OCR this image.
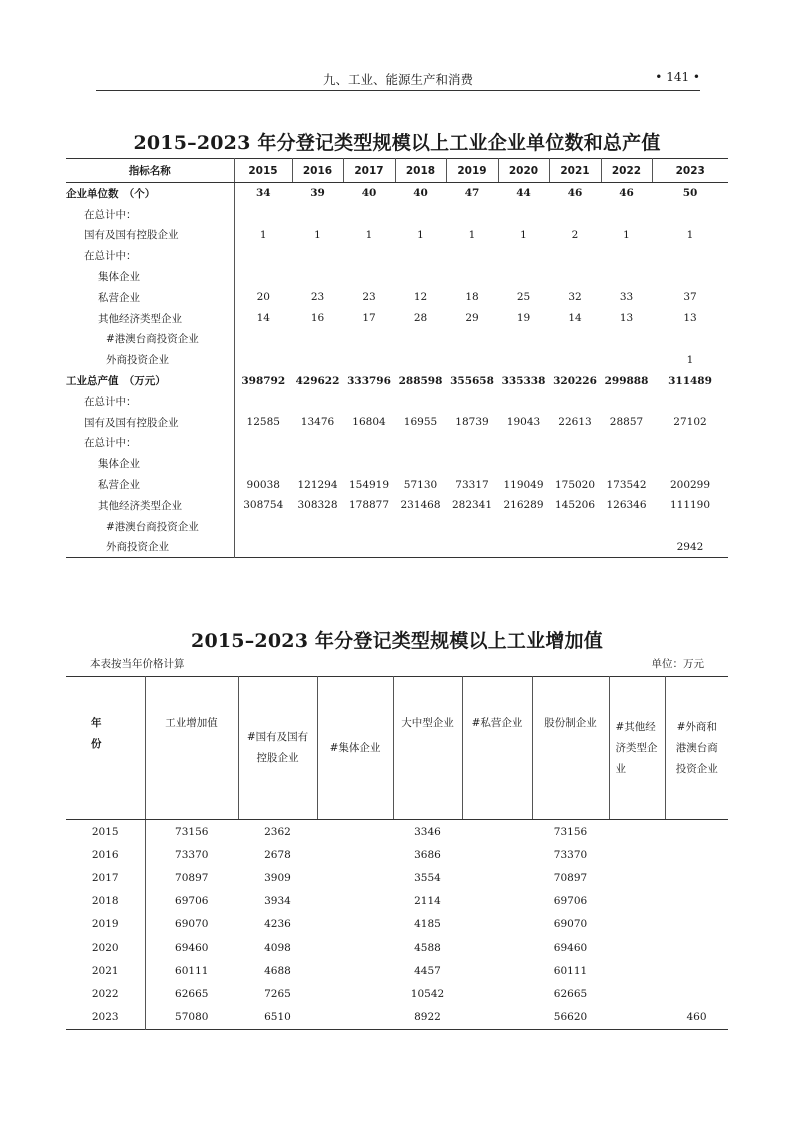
九、工业、能源生产和消费	• 141 •
2015–2023 年分登记类型规模以上工业企业单位数和总产值
指标名称	2015	2016	2017	2018	2019	2020	2021	2022	2023
企业单位数　（个）	34	39	40	40	47	44	46	46	50
在总计中：									
国有及国有控股企业	1	1	1	1	1	1	2	1	1
在总计中：									
集体企业									
私营企业	20	23	23	12	18	25	32	33	37
其他经济类型企业	14	16	17	28	29	19	14	13	13
#港澳台商投资企业									
外商投资企业									1
工业总产值　（万元）	398792	429622	333796	288598	355658	335338	320226	299888	311489
在总计中：									
国有及国有控股企业	12585	13476	16804	16955	18739	19043	22613	28857	27102
在总计中：									
集体企业									
私营企业	90038	121294	154919	57130	73317	119049	175020	173542	200299
其他经济类型企业	308754	308328	178877	231468	282341	216289	145206	126346	111190
#港澳台商投资企业									
外商投资企业									2942
2015–2023 年分登记类型规模以上工业增加值
本表按当年价格计算	单位：万元
年　份	工业增加值	#国有及国有控股企业	#集体企业	大中型企业	#私营企业	股份制企业	#其他经济类型企业	#外商和港澳台商投资企业
2015	73156	2362		3346		73156		
2016	73370	2678		3686		73370		
2017	70897	3909		3554		70897		
2018	69706	3934		2114		69706		
2019	69070	4236		4185		69070		
2020	69460	4098		4588		69460		
2021	60111	4688		4457		60111		
2022	62665	7265		10542		62665		
2023	57080	6510		8922		56620		460
